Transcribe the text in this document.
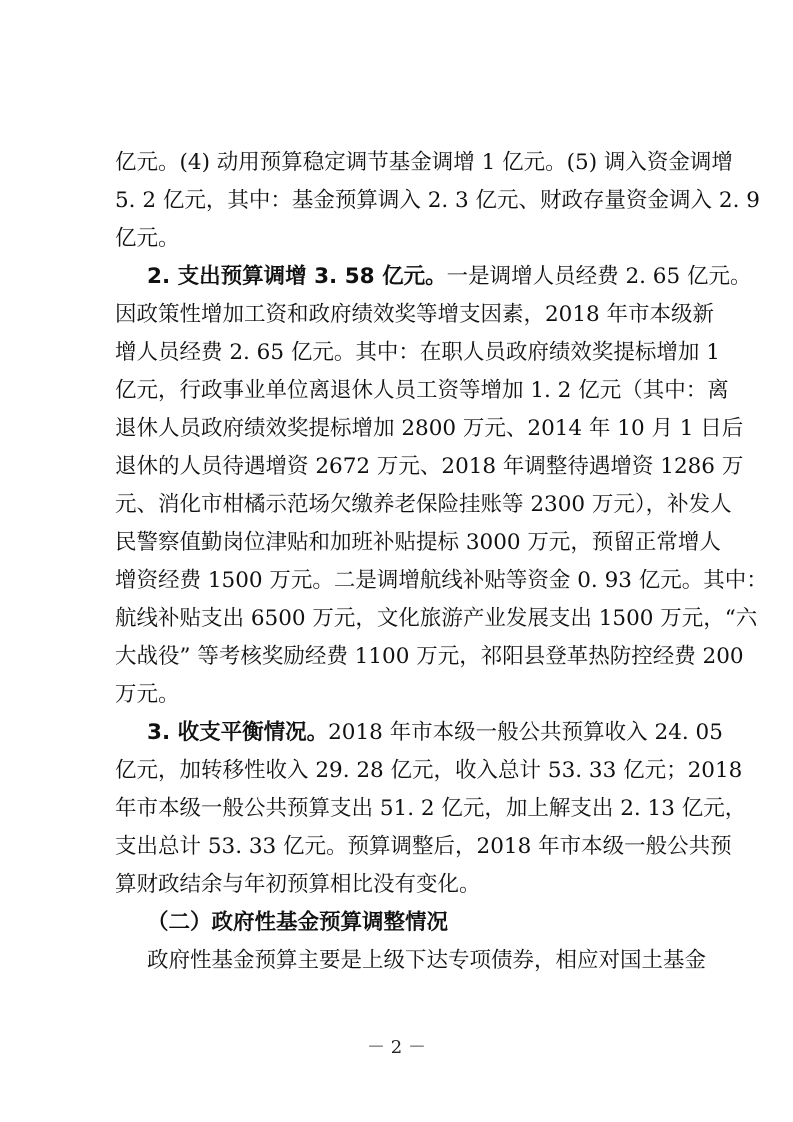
亿元。(4) 动用预算稳定调节基金调增 1 亿元。(5) 调入资金调增
5. 2 亿元，其中：基金预算调入 2. 3 亿元、财政存量资金调入 2. 9
亿元。
2. 支出预算调增 3. 58 亿元。一是调增人员经费 2. 65 亿元。
因政策性增加工资和政府绩效奖等增支因素，2018 年市本级新
增人员经费 2. 65 亿元。其中：在职人员政府绩效奖提标增加 1
亿元，行政事业单位离退休人员工资等增加 1. 2 亿元（其中：离
退休人员政府绩效奖提标增加 2800 万元、2014 年 10 月 1 日后
退休的人员待遇增资 2672 万元、2018 年调整待遇增资 1286 万
元、消化市柑橘示范场欠缴养老保险挂账等 2300 万元），补发人
民警察值勤岗位津贴和加班补贴提标 3000 万元，预留正常增人
增资经费 1500 万元。二是调增航线补贴等资金 0. 93 亿元。其中：
航线补贴支出 6500 万元，文化旅游产业发展支出 1500 万元，“六
大战役” 等考核奖励经费 1100 万元，祁阳县登革热防控经费 200
万元。
3. 收支平衡情况。2018 年市本级一般公共预算收入 24. 05
亿元，加转移性收入 29. 28 亿元，收入总计 53. 33 亿元；2018
年市本级一般公共预算支出 51. 2 亿元，加上解支出 2. 13 亿元，
支出总计 53. 33 亿元。预算调整后，2018 年市本级一般公共预
算财政结余与年初预算相比没有变化。
（二）政府性基金预算调整情况
政府性基金预算主要是上级下达专项债券，相应对国土基金
－ 2 －
